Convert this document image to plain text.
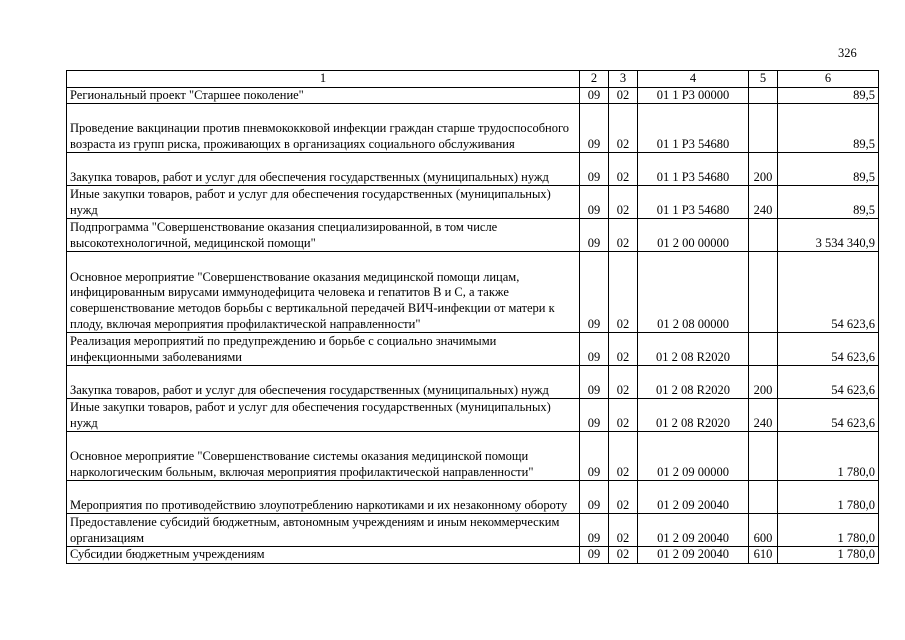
326
1	2	3	4	5	6
Региональный проект "Старшее поколение"	09	02	01 1 Р3 00000		89,5
Проведение вакцинации против пневмококковой инфекции граждан старше трудоспособного возраста из групп риска, проживающих в организациях социального обслуживания	09	02	01 1 Р3 54680		89,5
Закупка товаров, работ и услуг для обеспечения государственных (муниципальных) нужд	09	02	01 1 Р3 54680	200	89,5
Иные закупки товаров, работ и услуг для обеспечения государственных (муниципальных) нужд	09	02	01 1 Р3 54680	240	89,5
Подпрограмма "Совершенствование оказания специализированной, в том числе высокотехнологичной, медицинской помощи"	09	02	01 2 00 00000		3 534 340,9
Основное мероприятие "Совершенствование оказания медицинской помощи лицам, инфицированным вирусами иммунодефицита человека и гепатитов B и C, а также совершенствование методов борьбы с вертикальной передачей ВИЧ-инфекции от матери к плоду, включая мероприятия профилактической направленности"	09	02	01 2 08 00000		54 623,6
Реализация мероприятий по предупреждению и борьбе с социально значимыми инфекционными заболеваниями	09	02	01 2 08 R2020		54 623,6
Закупка товаров, работ и услуг для обеспечения государственных (муниципальных) нужд	09	02	01 2 08 R2020	200	54 623,6
Иные закупки товаров, работ и услуг для обеспечения государственных (муниципальных) нужд	09	02	01 2 08 R2020	240	54 623,6
Основное мероприятие "Совершенствование системы оказания медицинской помощи наркологическим больным, включая мероприятия профилактической направленности"	09	02	01 2 09 00000		1 780,0
Мероприятия по противодействию злоупотреблению наркотиками и их незаконному обороту	09	02	01 2 09 20040		1 780,0
Предоставление субсидий бюджетным, автономным учреждениям и иным некоммерческим организациям	09	02	01 2 09 20040	600	1 780,0
Субсидии бюджетным учреждениям	09	02	01 2 09 20040	610	1 780,0
